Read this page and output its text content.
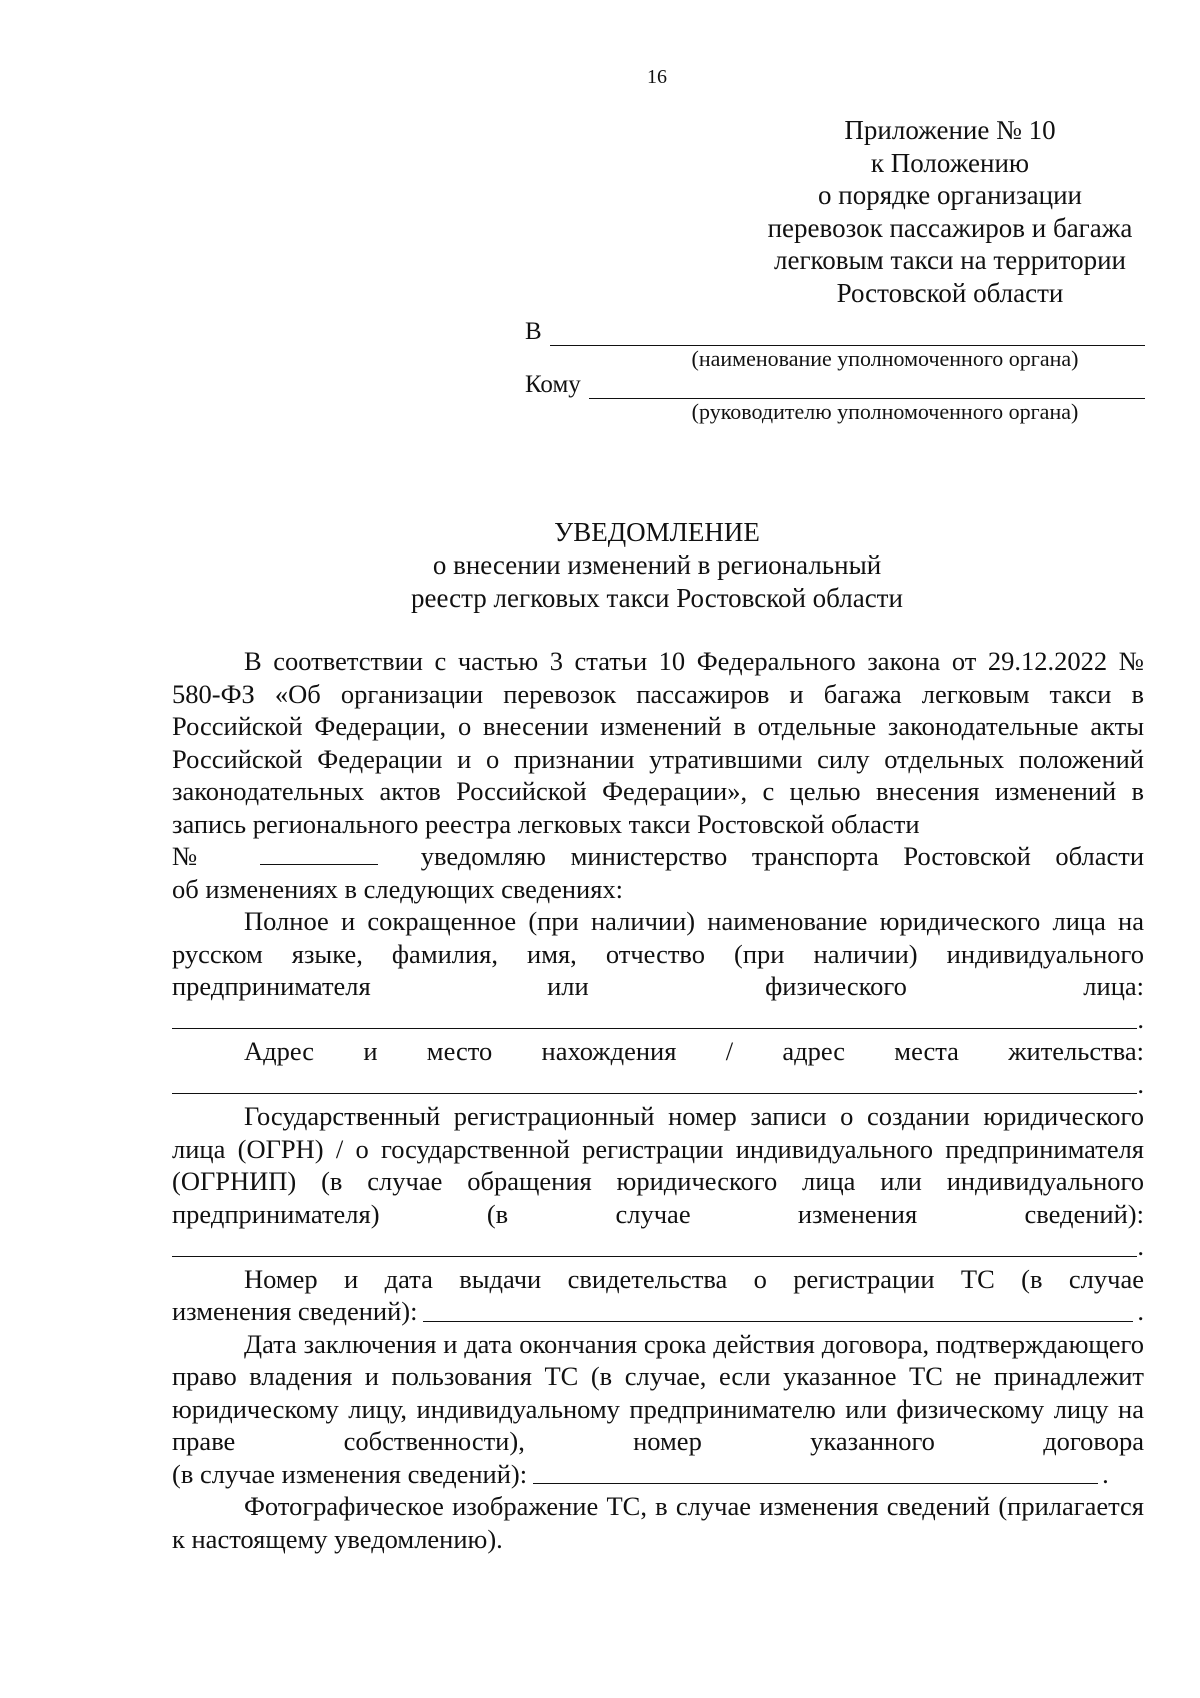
16
Приложение № 10
к Положению
о порядке организации
перевозок пассажиров и багажа
легковым такси на территории
Ростовской области
В
(наименование уполномоченного органа)
Кому
(руководителю уполномоченного органа)
УВЕДОМЛЕНИЕ
о внесении изменений в региональный
реестр легковых такси Ростовской области

В соответствии с частью 3 статьи 10 Федерального закона от 29.12.2022 № 580-ФЗ «Об организации перевозок пассажиров и багажа легковым такси в Российской Федерации, о внесении изменений в отдельные законодательные акты Российской Федерации и о признании утратившими силу отдельных положений законодательных актов Российской Федерации», с целью внесения изменений в запись регионального реестра легковых такси Ростовской области

№	уведомляю министерство транспорта Ростовской области

об изменениях в следующих сведениях:

Полное и сокращенное (при наличии) наименование юридического лица на русском языке, фамилия, имя, отчество (при наличии) индивидуального предпринимателя или физического лица:

.

Адрес и место нахождения / адрес места жительства:

.

Государственный регистрационный номер записи о создании юридического лица (ОГРН) / о государственной регистрации индивидуального предпринимателя (ОГРНИП) (в случае обращения юридического лица или индивидуального предпринимателя) (в случае изменения сведений):

.

Номер и дата выдачи свидетельства о регистрации ТС (в случае

изменения сведений):	.

Дата заключения и дата окончания срока действия договора, подтверждающего право владения и пользования ТС (в случае, если указанное ТС не принадлежит юридическому лицу, индивидуальному предпринимателю или физическому лицу на праве собственности), номер указанного договора

(в случае изменения сведений):	.

Фотографическое изображение ТС, в случае изменения сведений (прилагается к настоящему уведомлению).
